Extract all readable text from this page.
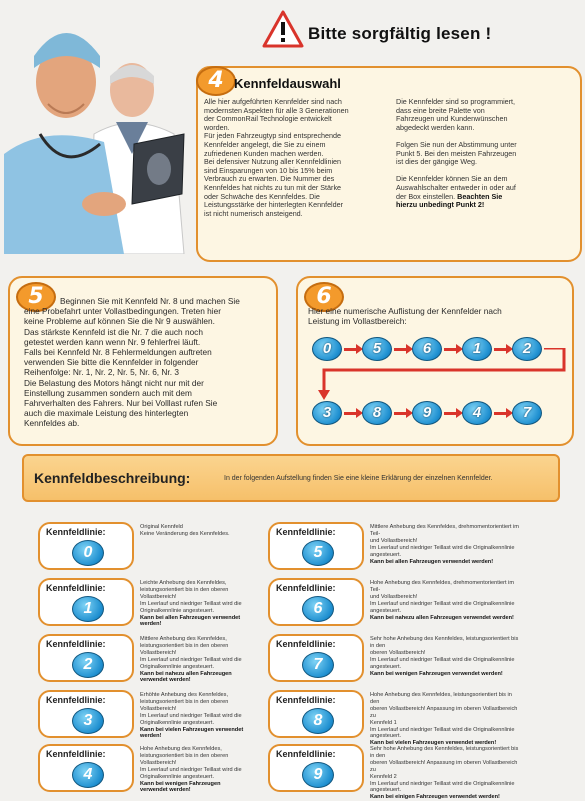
Bitte sorgfältig lesen !
4 Kennfeldauswahl
Alle hier aufgeführten Kennfelder sind nach
modernsten Aspekten für alle 3 Generationen
der CommonRail Technologie entwickelt
worden.
Für jeden Fahrzeugtyp sind entsprechende
Kennfelder angelegt, die Sie zu einem
zufriedenen Kunden machen werden.
Bei defensiver Nutzung aller Kennfeldlinien
sind Einsparungen von 10 bis 15% beim
Verbrauch zu erwarten. Die Nummer des
Kennfeldes hat nichts zu tun mit der Stärke
oder Schwäche des Kennfeldes. Die
Leistungsstärke der hinterlegten Kennfelder
ist nicht numerisch ansteigend.
Die Kennfelder sind so programmiert,
dass eine breite Palette von
Fahrzeugen und Kundenwünschen
abgedeckt werden kann.

Folgen Sie nun der Abstimmung unter
Punkt 5. Bei den meisten Fahrzeugen
ist dies der gängige Weg.

Die Kennfelder können Sie an dem
Auswahlschalter entweder in oder auf
der Box einstellen. Beachten Sie
hierzu unbedingt Punkt 2!
5	Beginnen Sie mit Kennfeld Nr. 8 und machen Sie
eine Probefahrt unter Vollastbedingungen. Treten hier
keine Probleme auf können Sie die Nr 9 auswählen.
Das stärkste Kennfeld ist die Nr. 7 die auch noch
getestet werden kann wenn Nr. 9 fehlerfrei läuft.
Falls bei Kennfeld Nr. 8 Fehlermeldungen auftreten
verwenden Sie bitte die Kennfelder in folgender
Reihenfolge: Nr. 1, Nr. 2, Nr. 5, Nr. 6, Nr. 3
Die Belastung des Motors hängt nicht nur mit der
Einstellung zusammen sondern auch mit dem
Fahrverhalten des Fahrers. Nur bei Volllast rufen Sie
auch die maximale Leistung des hinterlegten
Kennfeldes ab.
6
Hier eine numerische Auflistung der Kennfelder nach
Leistung im Vollastbereich:
0	5	6	1	2
3	8	9	4	7
Kennfeldbeschreibung:	In der folgenden Aufstellung finden Sie eine kleine Erklärung der einzelnen Kennfelder.
Kennfeldlinie:
0
Original Kennfeld
Keine Veränderung des Kennfeldes.
Kennfeldlinie:
1
Leichte Anhebung des Kennfeldes,
leistungsorientiert bis in den oberen
Vollastbereich!
Im Leerlauf und niedriger Teillast wird die
Originalkennlinie angesteuert.
Kann bei allen Fahrzeugen verwendet
werden!
Kennfeldlinie:
2
Mittlere Anhebung des Kennfeldes,
leistungsorientiert bis in den oberen
Vollastbereich!
Im Leerlauf und niedriger Teillast wird die
Originalkennlinie angesteuert.
Kann bei nahezu allen Fahrzeugen
verwendet werden!
Kennfeldlinie:
3
Erhöhte Anhebung des Kennfeldes,
leistungsorientiert bis in den oberen
Vollastbereich!
Im Leerlauf und niedriger Teillast wird die
Originalkennlinie angesteuert.
Kann bei vielen Fahrzeugen verwendet
werden!
Kennfeldlinie:
4
Hohe Anhebung des Kennfeldes,
leistungsorientiert bis in den oberen
Vollastbereich!
Im Leerlauf und niedriger Teillast wird die
Originalkennlinie angesteuert.
Kann bei wenigen Fahrzeugen
verwendet werden!
Kennfeldlinie:
5
Mittlere Anhebung des Kennfeldes, drehmomentorientiert im Teil-
und Vollastbereich!
Im Leerlauf und niedriger Teillast wird die Originalkennlinie
angesteuert.
Kann bei allen Fahrzeugen verwendet werden!
Kennfeldlinie:
6
Hohe Anhebung des Kennfeldes, drehmomentorientiert im Teil-
und Vollastbereich!
Im Leerlauf und niedriger Teillast wird die Originalkennlinie
angesteuert.
Kann bei nahezu allen Fahrzeugen verwendet werden!
Kennfeldlinie:
7
Sehr hohe Anhebung des Kennfeldes, leistungsorientiert bis in den
oberen Vollastbereich!
Im Leerlauf und niedriger Teillast wird die Originalkennlinie
angesteuert.
Kann bei wenigen Fahrzeugen verwendet werden!
Kennfeldlinie:
8
Hohe Anhebung des Kennfeldes, leistungsorientiert bis in den
oberen Vollastbereich! Anpassung im oberen Vollastbereich zu
Kennfeld 1
Im Leerlauf und niedriger Teillast wird die Originalkennlinie
angesteuert.
Kann bei vielen Fahrzeugen verwendet werden!
Kennfeldlinie:
9
Sehr hohe Anhebung des Kennfeldes, leistungsorientiert bis in den
oberen Vollastbereich! Anpassung im oberen Vollastbereich zu
Kennfeld 2
Im Leerlauf und niedriger Teillast wird die Originalkennlinie
angesteuert.
Kann bei einigen Fahrzeugen verwendet werden!
